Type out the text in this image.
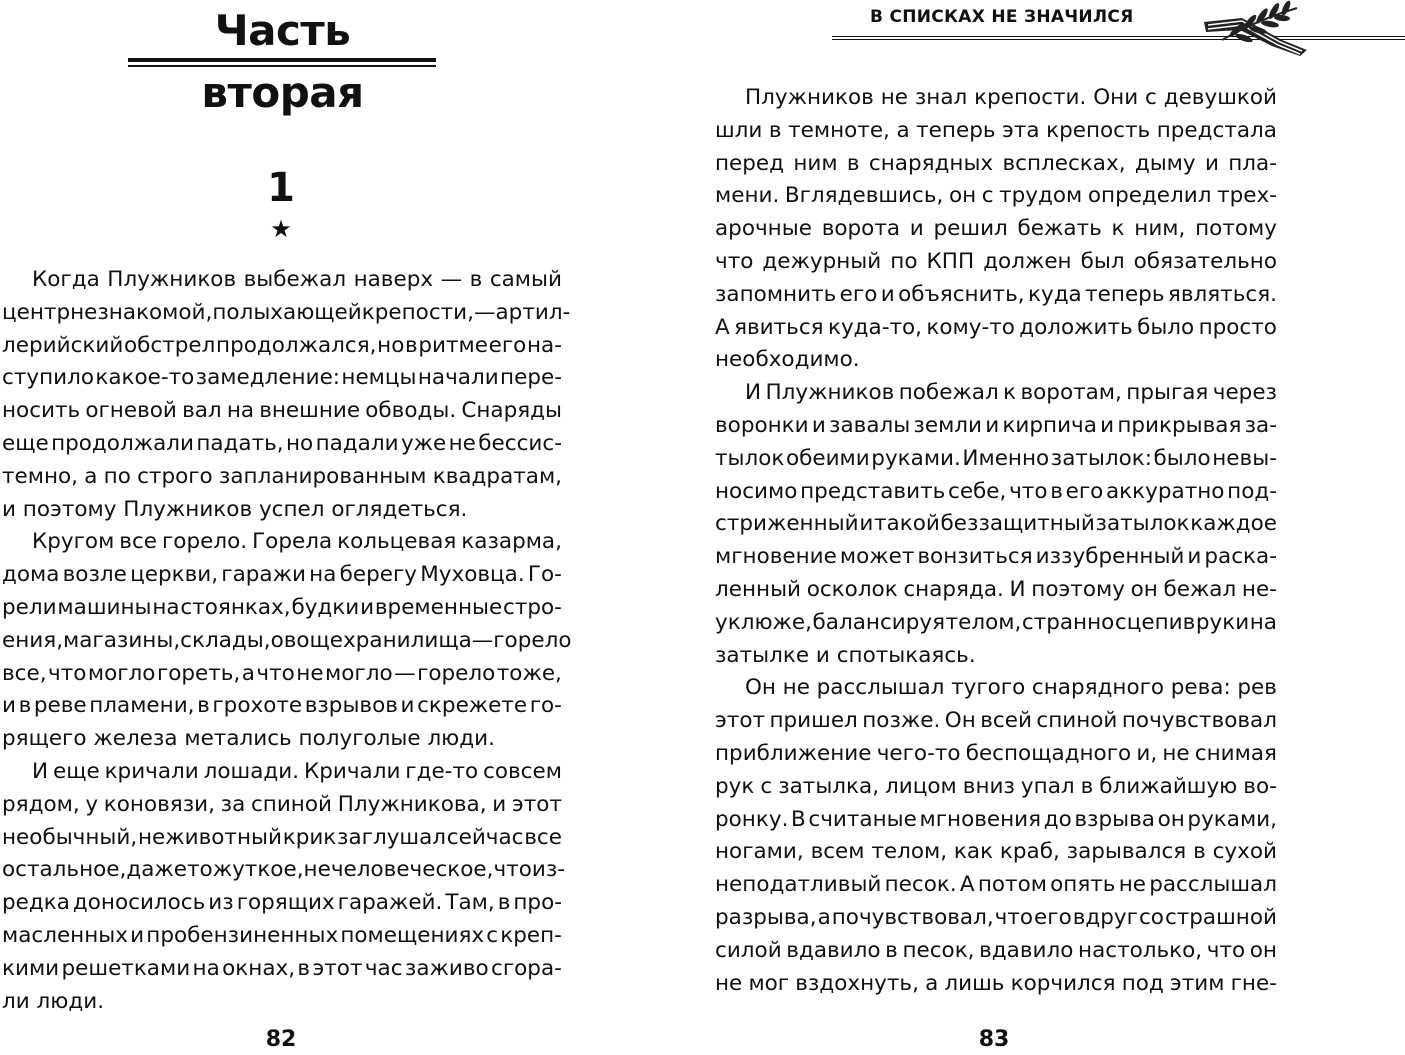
Часть вторая
1
★
Когда Плужников выбежал наверх — в самый
центр незнакомой, полыхающей крепости, — артил-
лерийский обстрел продолжался, но в ритме его на-
ступило какое-то замедление: немцы начали пере-
носить огневой вал на внешние обводы. Снаряды
еще продолжали падать, но падали уже не бессис-
темно, а по строго запланированным квадратам,
и поэтому Плужников успел оглядеться.
Кругом все горело. Горела кольцевая казарма,
дома возле церкви, гаражи на берегу Муховца. Го-
рели машины на стоянках, будки и временные стро-
ения, магазины, склады, овощехранилища — горело
все, что могло гореть, а что не могло — горело тоже,
и в реве пламени, в грохоте взрывов и скрежете го-
рящего железа метались полуголые люди.
И еще кричали лошади. Кричали где-то совсем
рядом, у коновязи, за спиной Плужникова, и этот
необычный, неживотный крик заглушал сейчас все
остальное, даже то жуткое, нечеловеческое, что из-
редка доносилось из горящих гаражей. Там, в про-
масленных и пробензиненных помещениях с креп-
кими решетками на окнах, в этот час заживо сгора-
ли люди.
82
В СПИСКАХ НЕ ЗНАЧИЛСЯ
Плужников не знал крепости. Они с девушкой
шли в темноте, а теперь эта крепость предстала
перед ним в снарядных всплесках, дыму и пла-
мени. Вглядевшись, он с трудом определил трех-
арочные ворота и решил бежать к ним, потому
что дежурный по КПП должен был обязательно
запомнить его и объяснить, куда теперь являться.
А явиться куда-то, кому-то доложить было просто
необходимо.
И Плужников побежал к воротам, прыгая через
воронки и завалы земли и кирпича и прикрывая за-
тылок обеими руками. Именно затылок: было невы-
носимо представить себе, что в его аккуратно под-
стриженный и такой беззащитный затылок каждое
мгновение может вонзиться иззубренный и раска-
ленный осколок снаряда. И поэтому он бежал не-
уклюже, балансируя телом, странно сцепив руки на
затылке и спотыкаясь.
Он не расслышал тугого снарядного рева: рев
этот пришел позже. Он всей спиной почувствовал
приближение чего-то беспощадного и, не снимая
рук с затылка, лицом вниз упал в ближайшую во-
ронку. В считаные мгновения до взрыва он руками,
ногами, всем телом, как краб, зарывался в сухой
неподатливый песок. А потом опять не расслышал
разрыва, а почувствовал, что его вдруг со страшной
силой вдавило в песок, вдавило настолько, что он
не мог вздохнуть, а лишь корчился под этим гне-
83
